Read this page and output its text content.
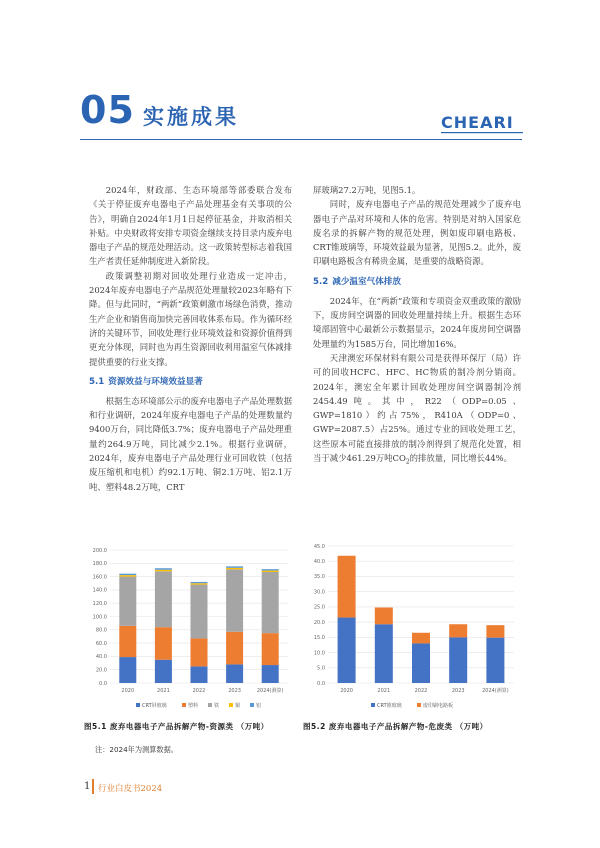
05 实施成果	CHEARI

2024年，财政部、生态环境部等部委联合发布《关于停征废弃电器电子产品处理基金有关事项的公告》，明确自2024年1月1日起停征基金，并取消相关补贴。中央财政将安排专项资金继续支持目录内废弃电器电子产品的规范处理活动。这一政策转型标志着我国生产者责任延伸制度进入新阶段。

政策调整初期对回收处理行业造成一定冲击，2024年废弃电器电子产品规范处理量较2023年略有下降。但与此同时，“两新”政策刺激市场绿色消费，推动生产企业和销售商加快完善回收体系布局。作为循环经济的关键环节，回收处理行业环境效益和资源价值得到更充分体现，同时也为再生资源回收利用温室气体减排提供重要的行业支撑。

5.1 资源效益与环境效益显著

根据生态环境部公示的废弃电器电子产品处理数据和行业调研，2024年废弃电器电子产品的处理数量约9400万台，同比降低3.7%；废弃电器电子产品处理重量约264.9万吨，同比减少2.1%。根据行业调研，2024年，废弃电器电子产品处理行业可回收铁（包括废压缩机和电机）约92.1万吨、铜2.1万吨、铝2.1万吨、塑料48.2万吨，CRT

屏玻璃27.2万吨，见图5.1。

同时，废弃电器电子产品的规范处理减少了废弃电器电子产品对环境和人体的危害。特别是对纳入国家危废名录的拆解产物的规范处理，例如废印刷电路板、CRT锥玻璃等，环境效益最为显著，见图5.2。此外，废印刷电路板含有稀贵金属，是重要的战略资源。

5.2 减少温室气体排放

2024年，在“两新”政策和专项资金双重政策的激励下，废房间空调器的回收处理量持续上升。根据生态环境部固管中心最新公示数据显示，2024年废房间空调器处理量约为1585万台，同比增加16%。

天津澳宏环保材料有限公司是获得环保厅（局）许可的回收HCFC、HFC、HC物质的制冷剂分销商。2024年，澳宏全年累计回收处理房间空调器制冷剂2454.49吨。其中，R22（ODP=0.05、GWP=1810）约占75%，R410A（ODP=0、GWP=2087.5）占25%。通过专业的回收处理工艺，这些原本可能直接排放的制冷剂得到了规范化处置，相当于减少461.29万吨$CO_2$的排放量，同比增长44%。

0.0
20.0
40.0
60.0
80.0
100.0
120.0
140.0
160.0
180.0
200.0
2020	2021	2022	2023	2024(测算)
CRT屏玻璃	塑料	铁	铜	铝
0.0
5.0
10.0
15.0
20.0
25.0
30.0
35.0
40.0
45.0
2020	2021	2022	2023	2024(测算)
CRT锥玻璃	废印刷电路板
图5.1 废弃电器电子产品拆解产物-资源类 （万吨）	图5.2 废弃电器电子产品拆解产物-危废类 （万吨）
注：2024年为测算数据。
1 行业白皮书2024
